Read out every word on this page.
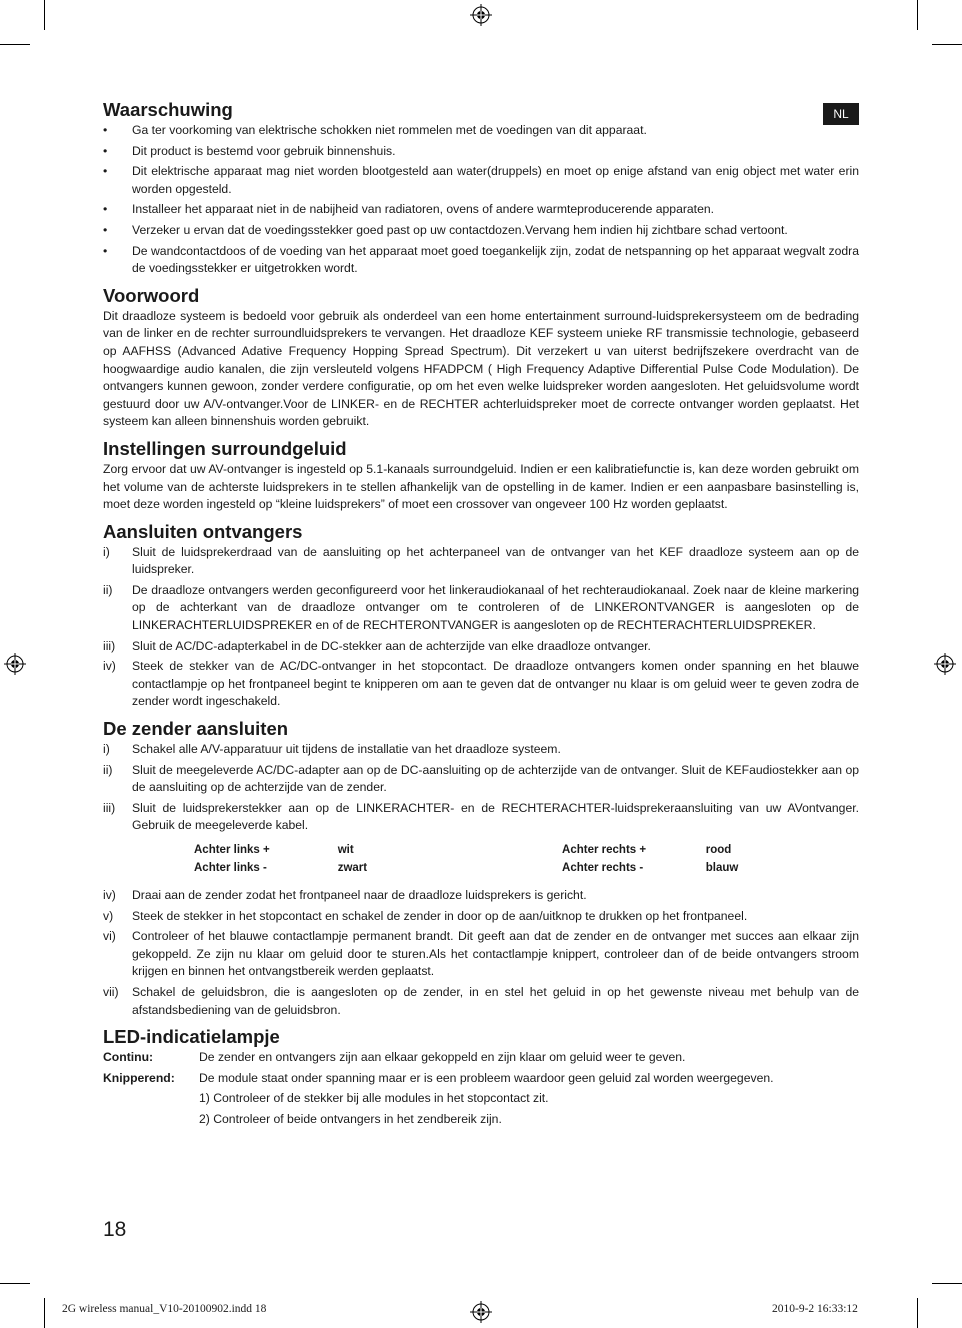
NL
Waarschuwing
• Ga ter voorkoming van elektrische schokken niet rommelen met de voedingen van dit apparaat.
• Dit product is bestemd voor gebruik binnenshuis.
• Dit elektrische apparaat mag niet worden blootgesteld aan water(druppels) en moet op enige afstand van enig object met water erin worden opgesteld.
• Installeer het apparaat niet in de nabijheid van radiatoren, ovens of andere warmteproducerende apparaten.
• Verzeker u ervan dat de voedingsstekker goed past op uw contactdozen.Vervang hem indien hij zichtbare schad vertoont.
• De wandcontactdoos of de voeding van het apparaat moet goed toegankelijk zijn, zodat de netspanning op het apparaat wegvalt zodra de voedingsstekker er uitgetrokken wordt.
Voorwoord

Dit draadloze systeem is bedoeld voor gebruik als onderdeel van een home entertainment surround-luidsprekersysteem om de bedrading van de linker en de rechter surroundluidsprekers te vervangen. Het draadloze KEF systeem unieke RF transmissie technologie, gebaseerd op AAFHSS (Advanced Adative Frequency Hopping Spread Spectrum). Dit verzekert u van uiterst bedrijfszekere overdracht van de hoogwaardige audio kanalen, die zijn versleuteld volgens HFADPCM ( High Frequency Adaptive Differential Pulse Code Modulation). De ontvangers kunnen gewoon, zonder verdere configuratie, op om het even welke luidspreker worden aangesloten. Het geluidsvolume wordt gestuurd door uw A/V-ontvanger.Voor de LINKER- en de RECHTER achterluidspreker moet de correcte ontvanger worden geplaatst. Het systeem kan alleen binnenshuis worden gebruikt.

Instellingen surroundgeluid

Zorg ervoor dat uw AV-ontvanger is ingesteld op 5.1-kanaals surroundgeluid. Indien er een kalibratiefunctie is, kan deze worden gebruikt om het volume van de achterste luidsprekers in te stellen afhankelijk van de opstelling in de kamer. Indien er een aanpasbare basinstelling is, moet deze worden ingesteld op “kleine luidsprekers” of moet een crossover van ongeveer 100 Hz worden geplaatst.

Aansluiten ontvangers
i) Sluit de luidsprekerdraad van de aansluiting op het achterpaneel van de ontvanger van het KEF draadloze systeem aan op de luidspreker.
ii) De draadloze ontvangers werden geconfigureerd voor het linkeraudiokanaal of het rechteraudiokanaal. Zoek naar de kleine markering op de achterkant van de draadloze ontvanger om te controleren of de LINKERONTVANGER is aangesloten op de LINKERACHTERLUIDSPREKER en of de RECHTERONTVANGER is aangesloten op de RECHTERACHTERLUIDSPREKER.
iii) Sluit de AC/DC-adapterkabel in de DC-stekker aan de achterzijde van elke draadloze ontvanger.
iv) Steek de stekker van de AC/DC-ontvanger in het stopcontact. De draadloze ontvangers komen onder spanning en het blauwe contactlampje op het frontpaneel begint te knipperen om aan te geven dat de ontvanger nu klaar is om geluid weer te geven zodra de zender wordt ingeschakeld.
De zender aansluiten
i) Schakel alle A/V-apparatuur uit tijdens de installatie van het draadloze systeem.
ii) Sluit de meegeleverde AC/DC-adapter aan op de DC-aansluiting op de achterzijde van de ontvanger. Sluit de KEFaudiostekker aan op de aansluiting op de achterzijde van de zender.
iii) Sluit de luidsprekerstekker aan op de LINKERACHTER- en de RECHTERACHTER-luidsprekeraansluiting van uw AVontvanger. Gebruik de meegeleverde kabel.
Achter links +	wit	Achter rechts +	rood
Achter links -	zwart	Achter rechts -	blauw
iv) Draai aan de zender zodat het frontpaneel naar de draadloze luidsprekers is gericht.
v) Steek de stekker in het stopcontact en schakel de zender in door op de aan/uitknop te drukken op het frontpaneel.
vi) Controleer of het blauwe contactlampje permanent brandt. Dit geeft aan dat de zender en de ontvanger met succes aan elkaar zijn gekoppeld. Ze zijn nu klaar om geluid door te sturen.Als het contactlampje knippert, controleer dan of de beide ontvangers stroom krijgen en binnen het ontvangstbereik werden geplaatst.
vii) Schakel de geluidsbron, die is aangesloten op de zender, in en stel het geluid in op het gewenste niveau met behulp van de afstandsbediening van de geluidsbron.
LED-indicatielampje
Continu:	De zender en ontvangers zijn aan elkaar gekoppeld en zijn klaar om geluid weer te geven.
Knipperend:	De module staat onder spanning maar er is een probleem waardoor geen geluid zal worden weergegeven.
1) Controleer of de stekker bij alle modules in het stopcontact zit.
2) Controleer of beide ontvangers in het zendbereik zijn.
18
2G wireless manual_V10-20100902.indd 18	2010-9-2 16:33:12
